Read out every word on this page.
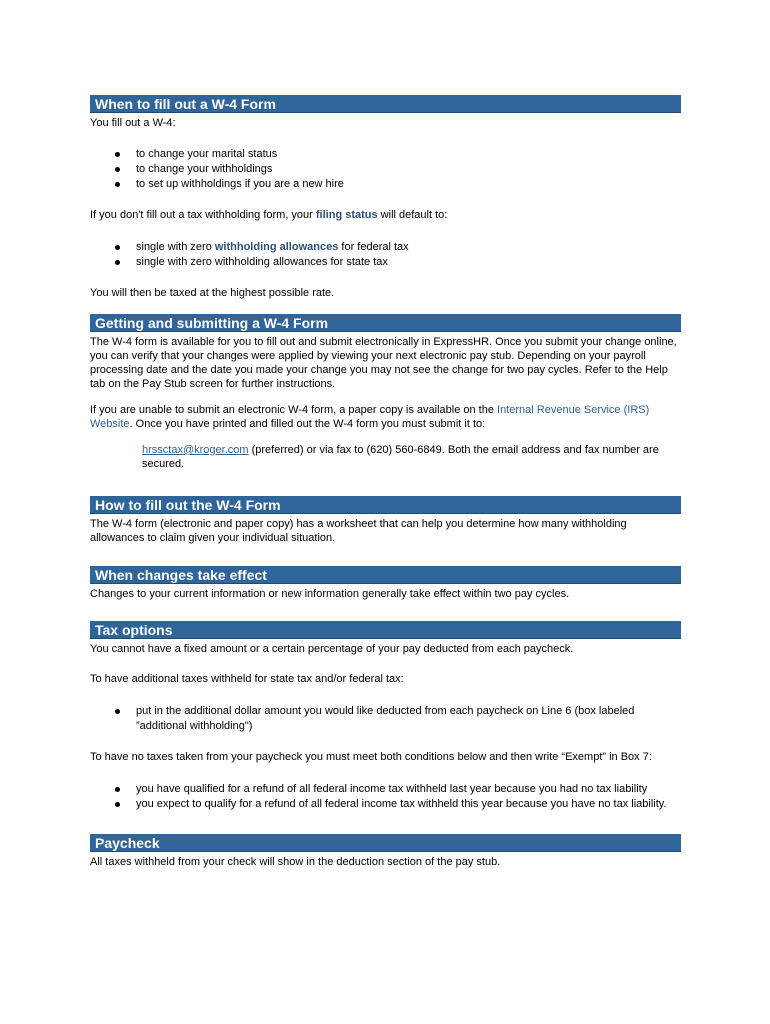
When to fill out a W-4 Form

You fill out a W-4:

to change your marital status
to change your withholdings
to set up withholdings if you are a new hire

If you don't fill out a tax withholding form, your filing status will default to:

single with zero withholding allowances for federal tax
single with zero withholding allowances for state tax

You will then be taxed at the highest possible rate.

Getting and submitting a W-4 Form

The W-4 form is available for you to fill out and submit electronically in ExpressHR. Once you submit your change online, you can verify that your changes were applied by viewing your next electronic pay stub. Depending on your payroll processing date and the date you made your change you may not see the change for two pay cycles. Refer to the Help tab on the Pay Stub screen for further instructions.

If you are unable to submit an electronic W-4 form, a paper copy is available on the Internal Revenue Service (IRS) Website. Once you have printed and filled out the W-4 form you must submit it to:

hrssctax@kroger.com (preferred) or via fax to (620) 560-6849. Both the email address and fax number are secured.

How to fill out the W-4 Form

The W-4 form (electronic and paper copy) has a worksheet that can help you determine how many withholding allowances to claim given your individual situation.

When changes take effect

Changes to your current information or new information generally take effect within two pay cycles.

Tax options

You cannot have a fixed amount or a certain percentage of your pay deducted from each paycheck.

To have additional taxes withheld for state tax and/or federal tax:

put in the additional dollar amount you would like deducted from each paycheck on Line 6 (box labeled ”additional withholding")

To have no taxes taken from your paycheck you must meet both conditions below and then write “Exempt” in Box 7:

you have qualified for a refund of all federal income tax withheld last year because you had no tax liability
you expect to qualify for a refund of all federal income tax withheld this year because you have no tax liability.
Paycheck

All taxes withheld from your check will show in the deduction section of the pay stub.
